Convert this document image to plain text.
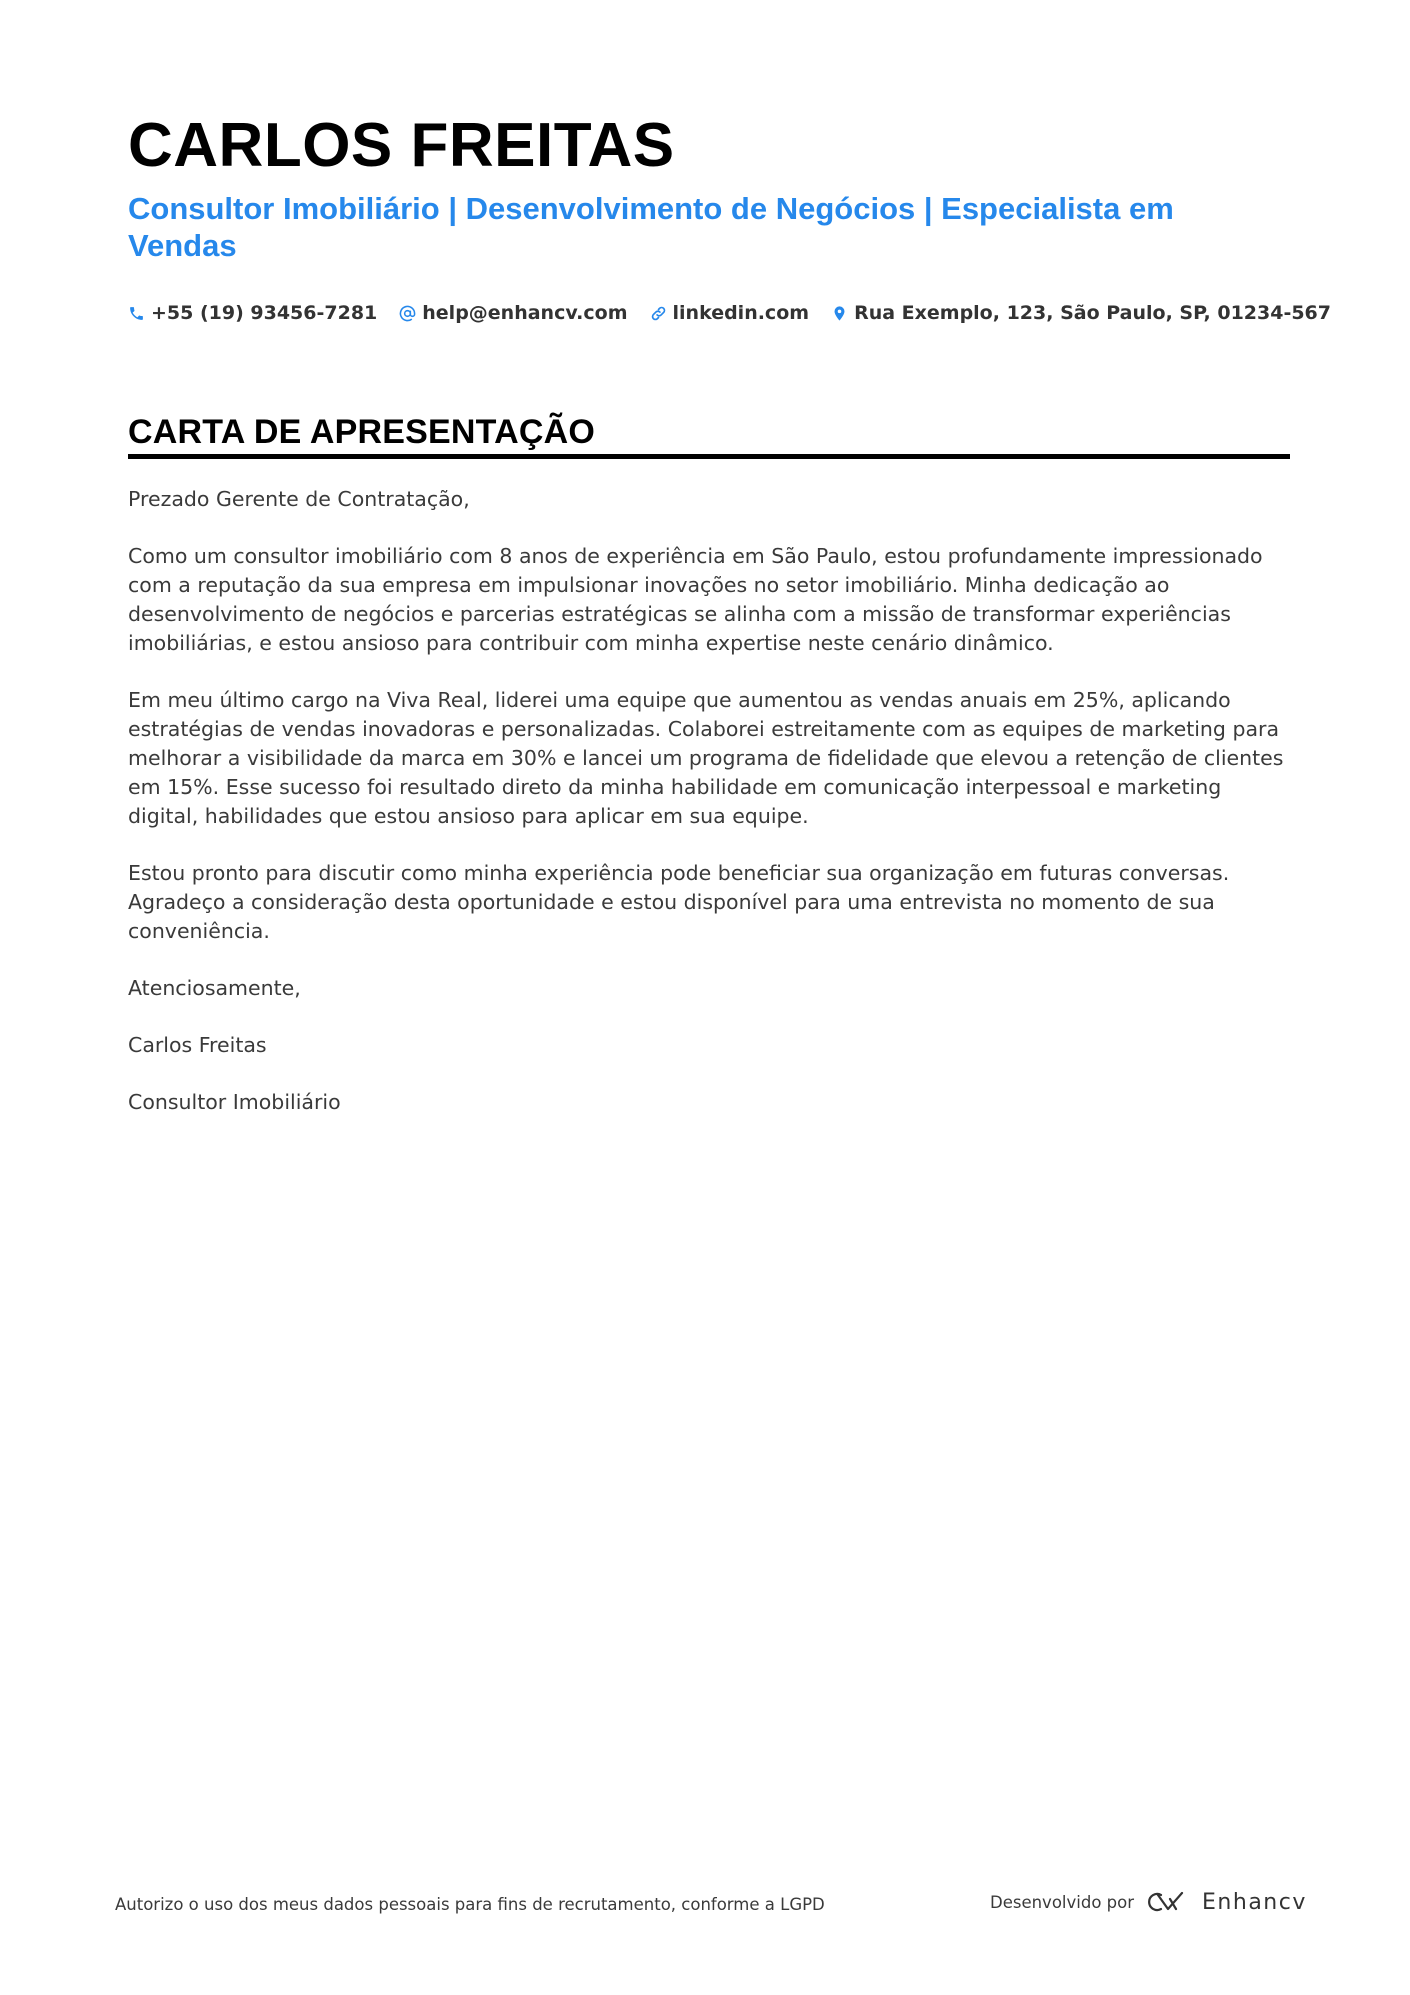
CARLOS FREITAS
Consultor Imobiliário | Desenvolvimento de Negócios | Especialista em Vendas
+55 (19) 93456-7281 help@enhancv.com linkedin.com Rua Exemplo, 123, São Paulo, SP, 01234-567
CARTA DE APRESENTAÇÃO

Prezado Gerente de Contratação,

Como um consultor imobiliário com 8 anos de experiência em São Paulo, estou profundamente impressionado com a reputação da sua empresa em impulsionar inovações no setor imobiliário. Minha dedicação ao desenvolvimento de negócios e parcerias estratégicas se alinha com a missão de transformar experiências imobiliárias, e estou ansioso para contribuir com minha expertise neste cenário dinâmico.

Em meu último cargo na Viva Real, liderei uma equipe que aumentou as vendas anuais em 25%, aplicando estratégias de vendas inovadoras e personalizadas. Colaborei estreitamente com as equipes de marketing para melhorar a visibilidade da marca em 30% e lancei um programa de fidelidade que elevou a retenção de clientes em 15%. Esse sucesso foi resultado direto da minha habilidade em comunicação interpessoal e marketing digital, habilidades que estou ansioso para aplicar em sua equipe.

Estou pronto para discutir como minha experiência pode beneficiar sua organização em futuras conversas. Agradeço a consideração desta oportunidade e estou disponível para uma entrevista no momento de sua conveniência.

Atenciosamente,

Carlos Freitas

Consultor Imobiliário

Autorizo o uso dos meus dados pessoais para fins de recrutamento, conforme a LGPD	Desenvolvido por	Enhancv
